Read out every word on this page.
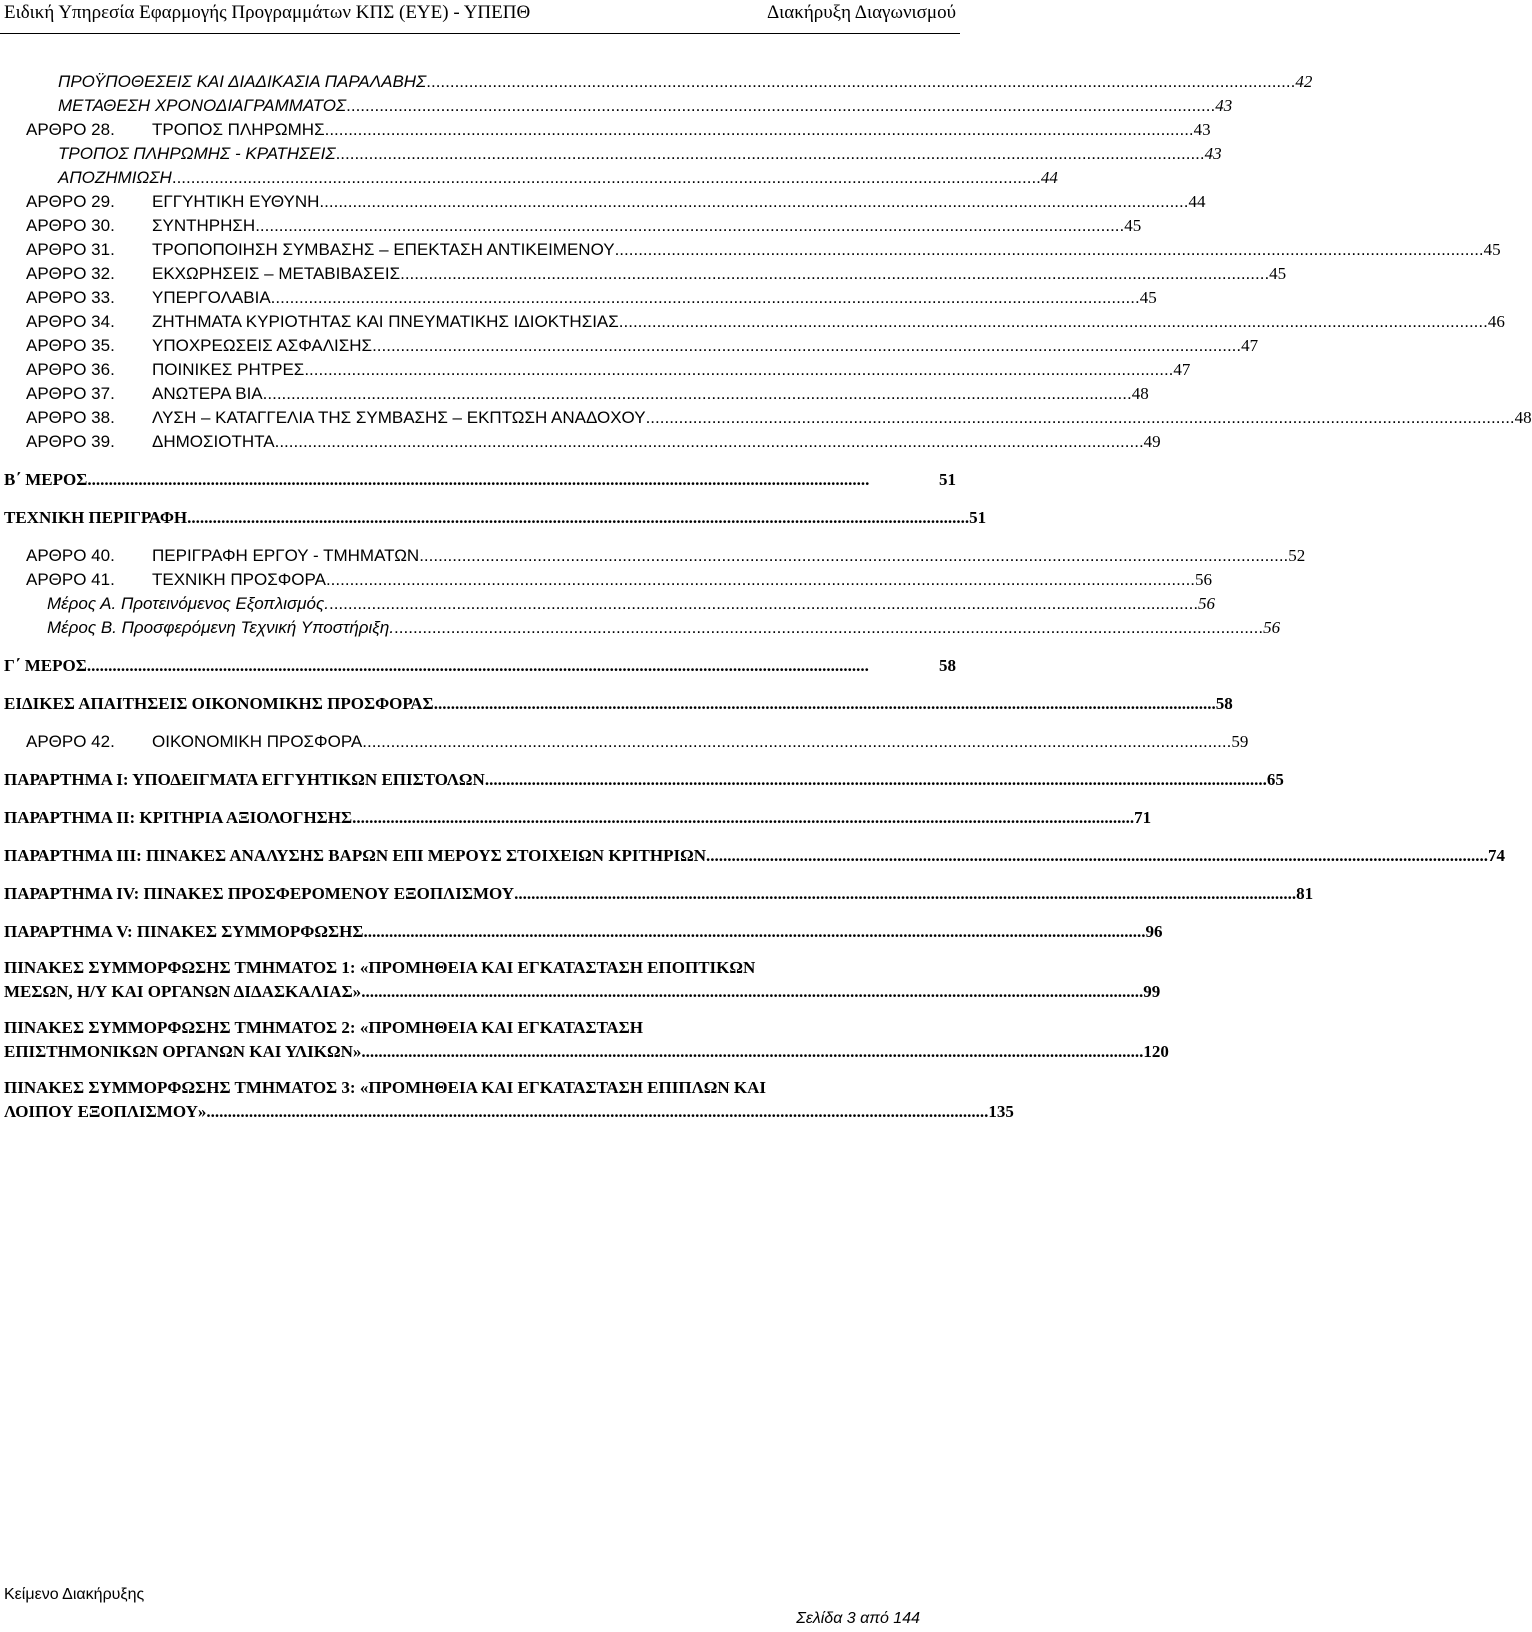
Ειδική Υπηρεσία Εφαρμογής Προγραμμάτων ΚΠΣ (ΕΥΕ) - ΥΠΕΠΘ	Διακήρυξη Διαγωνισμού
ΠΡΟΫΠΟΘΕΣΕΙΣ ΚΑΙ ΔΙΑΔΙΚΑΣΙΑ ΠΑΡΑΛΑΒΗΣ ........................................................................................................................................................................................ 42
ΜΕΤΑΘΕΣΗ ΧΡΟΝΟΔΙΑΓΡΑΜΜΑΤΟΣ ........................................................................................................................................................................................ 43
ΑΡΘΡΟ 28. ΤΡΟΠΟΣ ΠΛΗΡΩΜΗΣ ........................................................................................................................................................................................ 43
ΤΡΟΠΟΣ ΠΛΗΡΩΜΗΣ - ΚΡΑΤΗΣΕΙΣ ........................................................................................................................................................................................ 43
ΑΠΟΖΗΜΙΩΣΗ ........................................................................................................................................................................................ 44
ΑΡΘΡΟ 29. ΕΓΓΥΗΤΙΚΗ ΕΥΘΥΝΗ ........................................................................................................................................................................................ 44
ΑΡΘΡΟ 30. ΣΥΝΤΗΡΗΣΗ ........................................................................................................................................................................................ 45
ΑΡΘΡΟ 31. ΤΡΟΠΟΠΟΙΗΣΗ ΣΥΜΒΑΣΗΣ – ΕΠΕΚΤΑΣΗ ΑΝΤΙΚΕΙΜΕΝΟΥ ........................................................................................................................................................................................ 45
ΑΡΘΡΟ 32. ΕΚΧΩΡΗΣΕΙΣ – ΜΕΤΑΒΙΒΑΣΕΙΣ ........................................................................................................................................................................................ 45
ΑΡΘΡΟ 33. ΥΠΕΡΓΟΛΑΒΙΑ ........................................................................................................................................................................................ 45
ΑΡΘΡΟ 34. ΖΗΤΗΜΑΤΑ ΚΥΡΙΟΤΗΤΑΣ ΚΑΙ ΠΝΕΥΜΑΤΙΚΗΣ ΙΔΙΟΚΤΗΣΙΑΣ ........................................................................................................................................................................................ 46
ΑΡΘΡΟ 35. ΥΠΟΧΡΕΩΣΕΙΣ ΑΣΦΑΛΙΣΗΣ ........................................................................................................................................................................................ 47
ΑΡΘΡΟ 36. ΠΟΙΝΙΚΕΣ ΡΗΤΡΕΣ ........................................................................................................................................................................................ 47
ΑΡΘΡΟ 37. ΑΝΩΤΕΡΑ ΒΙΑ ........................................................................................................................................................................................ 48
ΑΡΘΡΟ 38. ΛΥΣΗ – ΚΑΤΑΓΓΕΛΙΑ ΤΗΣ ΣΥΜΒΑΣΗΣ – ΕΚΠΤΩΣΗ ΑΝΑΔΟΧΟΥ ........................................................................................................................................................................................ 48
ΑΡΘΡΟ 39. ΔΗΜΟΣΙΟΤΗΤΑ ........................................................................................................................................................................................ 49
Β΄ ΜΕΡΟΣ ........................................................................................................................................................................................	51
ΤΕΧΝΙΚΗ ΠΕΡΙΓΡΑΦΗ ........................................................................................................................................................................................ 51
ΑΡΘΡΟ 40. ΠΕΡΙΓΡΑΦΗ ΕΡΓΟΥ - ΤΜΗΜΑΤΩΝ ........................................................................................................................................................................................ 52
ΑΡΘΡΟ 41. ΤΕΧΝΙΚΗ ΠΡΟΣΦΟΡΑ ........................................................................................................................................................................................ 56
Μέρος Α. Προτεινόμενος Εξοπλισμός. ........................................................................................................................................................................................ 56
Μέρος Β. Προσφερόμενη Τεχνική Υποστήριξη. ........................................................................................................................................................................................ 56
Γ΄ ΜΕΡΟΣ ........................................................................................................................................................................................	58
ΕΙΔΙΚΕΣ ΑΠΑΙΤΗΣΕΙΣ ΟΙΚΟΝΟΜΙΚΗΣ ΠΡΟΣΦΟΡΑΣ ........................................................................................................................................................................................ 58
ΑΡΘΡΟ 42. ΟΙΚΟΝΟΜΙΚΗ ΠΡΟΣΦΟΡΑ ........................................................................................................................................................................................ 59
ΠΑΡΑΡΤΗΜΑ Ι: ΥΠΟΔΕΙΓΜΑΤΑ ΕΓΓΥΗΤΙΚΩΝ ΕΠΙΣΤΟΛΩΝ ........................................................................................................................................................................................ 65
ΠΑΡΑΡΤΗΜΑ ΙΙ: ΚΡΙΤΗΡΙΑ ΑΞΙΟΛΟΓΗΣΗΣ ........................................................................................................................................................................................ 71
ΠΑΡΑΡΤΗΜΑ ΙΙΙ: ΠΙΝΑΚΕΣ ΑΝΑΛΥΣΗΣ ΒΑΡΩΝ ΕΠΙ ΜΕΡΟΥΣ ΣΤΟΙΧΕΙΩΝ ΚΡΙΤΗΡΙΩΝ ........................................................................................................................................................................................ 74
ΠΑΡΑΡΤΗΜΑ IV: ΠΙΝΑΚΕΣ ΠΡΟΣΦΕΡΟΜΕΝΟΥ ΕΞΟΠΛΙΣΜΟΥ ........................................................................................................................................................................................ 81
ΠΑΡΑΡΤΗΜΑ V: ΠΙΝΑΚΕΣ ΣΥΜΜΟΡΦΩΣΗΣ ........................................................................................................................................................................................ 96
ΠΙΝΑΚΕΣ ΣΥΜΜΟΡΦΩΣΗΣ ΤΜΗΜΑΤΟΣ 1: «ΠΡΟΜΗΘΕΙΑ ΚΑΙ ΕΓΚΑΤΑΣΤΑΣΗ ΕΠΟΠΤΙΚΩΝ
ΜΕΣΩΝ, Η/Υ ΚΑΙ ΟΡΓΑΝΩΝ ΔΙΔΑΣΚΑΛΙΑΣ» ........................................................................................................................................................................................ 99
ΠΙΝΑΚΕΣ ΣΥΜΜΟΡΦΩΣΗΣ ΤΜΗΜΑΤΟΣ 2: «ΠΡΟΜΗΘΕΙΑ ΚΑΙ ΕΓΚΑΤΑΣΤΑΣΗ
ΕΠΙΣΤΗΜΟΝΙΚΩΝ ΟΡΓΑΝΩΝ ΚΑΙ ΥΛΙΚΩΝ» ........................................................................................................................................................................................ 120
ΠΙΝΑΚΕΣ ΣΥΜΜΟΡΦΩΣΗΣ ΤΜΗΜΑΤΟΣ 3: «ΠΡΟΜΗΘΕΙΑ ΚΑΙ ΕΓΚΑΤΑΣΤΑΣΗ ΕΠΙΠΛΩΝ ΚΑΙ
ΛΟΙΠΟΥ ΕΞΟΠΛΙΣΜΟΥ» ........................................................................................................................................................................................ 135
Κείμενο Διακήρυξης
Σελίδα 3 από 144
